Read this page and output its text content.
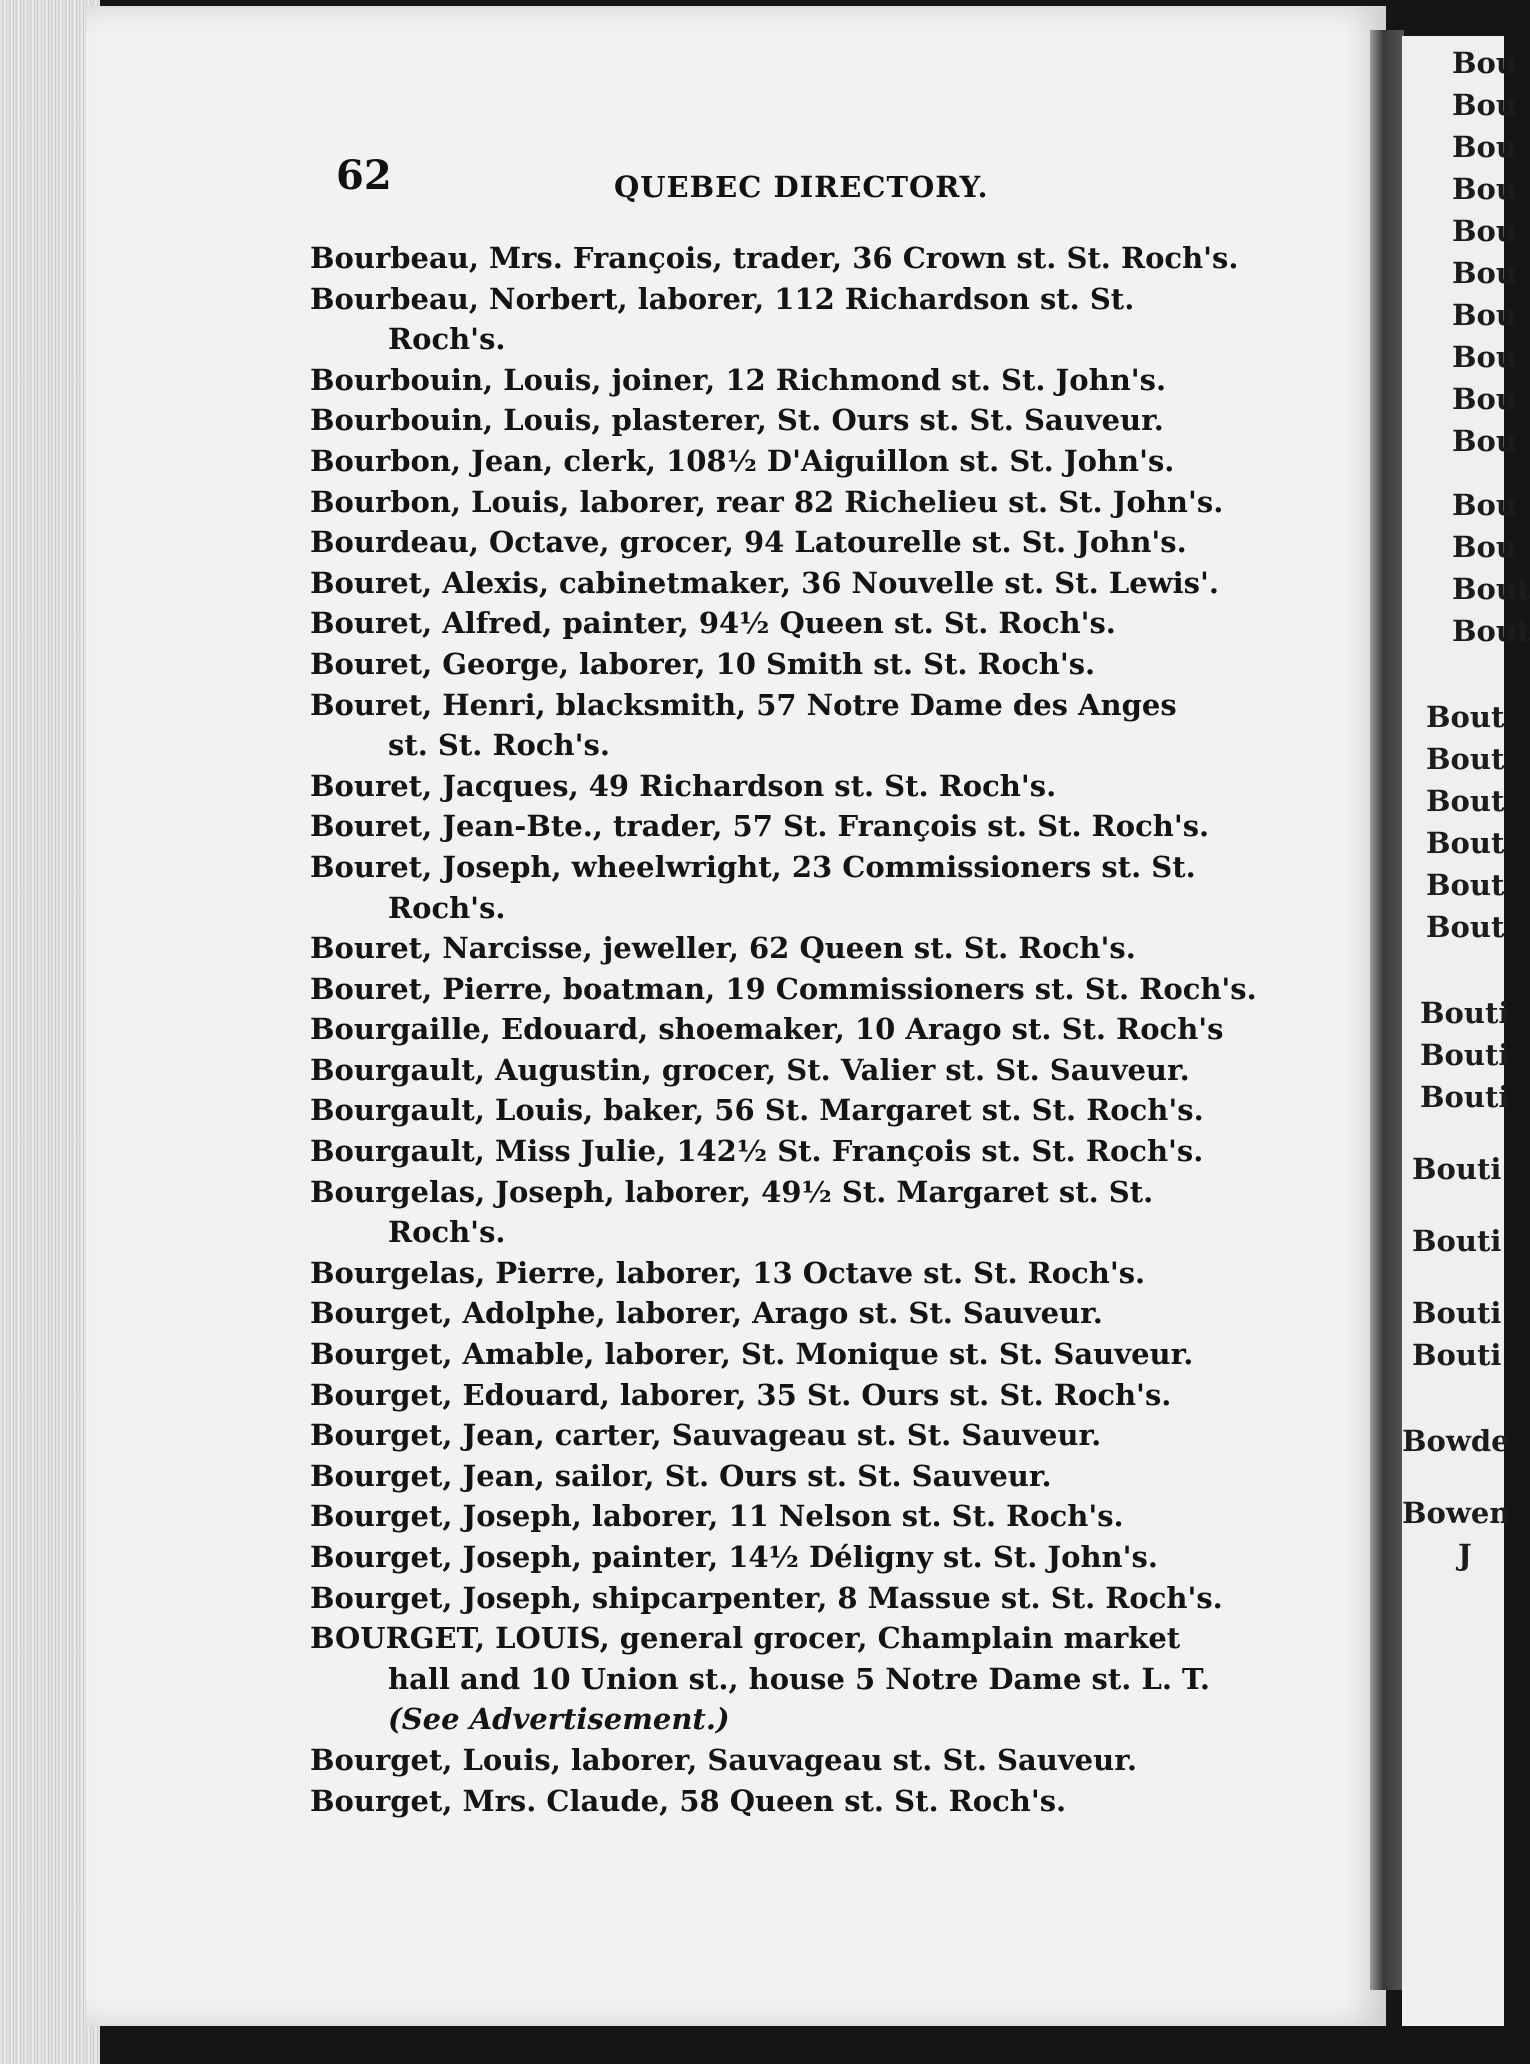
Bou
Bou
Bou
Bou
Bou
Bou
Bou
Bou
Bou
Bou
Bou
Bou
Bout
Bout
Bout
Bout
Bout
Bout
Bout
Bout
Bouti
Bouti
Bouti
Bouti
Bouti
Bouti
Bouti
Bowde
Bowen
J
62	QUEBEC DIRECTORY.
Bourbeau, Mrs. François, trader, 36 Crown st. St. Roch's.
Bourbeau, Norbert, laborer, 112 Richardson st. St.
Roch's.
Bourbouin, Louis, joiner, 12 Richmond st. St. John's.
Bourbouin, Louis, plasterer, St. Ours st. St. Sauveur.
Bourbon, Jean, clerk, 108½ D'Aiguillon st. St. John's.
Bourbon, Louis, laborer, rear 82 Richelieu st. St. John's.
Bourdeau, Octave, grocer, 94 Latourelle st. St. John's.
Bouret, Alexis, cabinetmaker, 36 Nouvelle st. St. Lewis'.
Bouret, Alfred, painter, 94½ Queen st. St. Roch's.
Bouret, George, laborer, 10 Smith st. St. Roch's.
Bouret, Henri, blacksmith, 57 Notre Dame des Anges
st. St. Roch's.
Bouret, Jacques, 49 Richardson st. St. Roch's.
Bouret, Jean-Bte., trader, 57 St. François st. St. Roch's.
Bouret, Joseph, wheelwright, 23 Commissioners st. St.
Roch's.
Bouret, Narcisse, jeweller, 62 Queen st. St. Roch's.
Bouret, Pierre, boatman, 19 Commissioners st. St. Roch's.
Bourgaille, Edouard, shoemaker, 10 Arago st. St. Roch's
Bourgault, Augustin, grocer, St. Valier st. St. Sauveur.
Bourgault, Louis, baker, 56 St. Margaret st. St. Roch's.
Bourgault, Miss Julie, 142½ St. François st. St. Roch's.
Bourgelas, Joseph, laborer, 49½ St. Margaret st. St.
Roch's.
Bourgelas, Pierre, laborer, 13 Octave st. St. Roch's.
Bourget, Adolphe, laborer, Arago st. St. Sauveur.
Bourget, Amable, laborer, St. Monique st. St. Sauveur.
Bourget, Edouard, laborer, 35 St. Ours st. St. Roch's.
Bourget, Jean, carter, Sauvageau st. St. Sauveur.
Bourget, Jean, sailor, St. Ours st. St. Sauveur.
Bourget, Joseph, laborer, 11 Nelson st. St. Roch's.
Bourget, Joseph, painter, 14½ Déligny st. St. John's.
Bourget, Joseph, shipcarpenter, 8 Massue st. St. Roch's.
BOURGET, LOUIS, general grocer, Champlain market
hall and 10 Union st., house 5 Notre Dame st. L. T.
(See Advertisement.)
Bourget, Louis, laborer, Sauvageau st. St. Sauveur.
Bourget, Mrs. Claude, 58 Queen st. St. Roch's.
